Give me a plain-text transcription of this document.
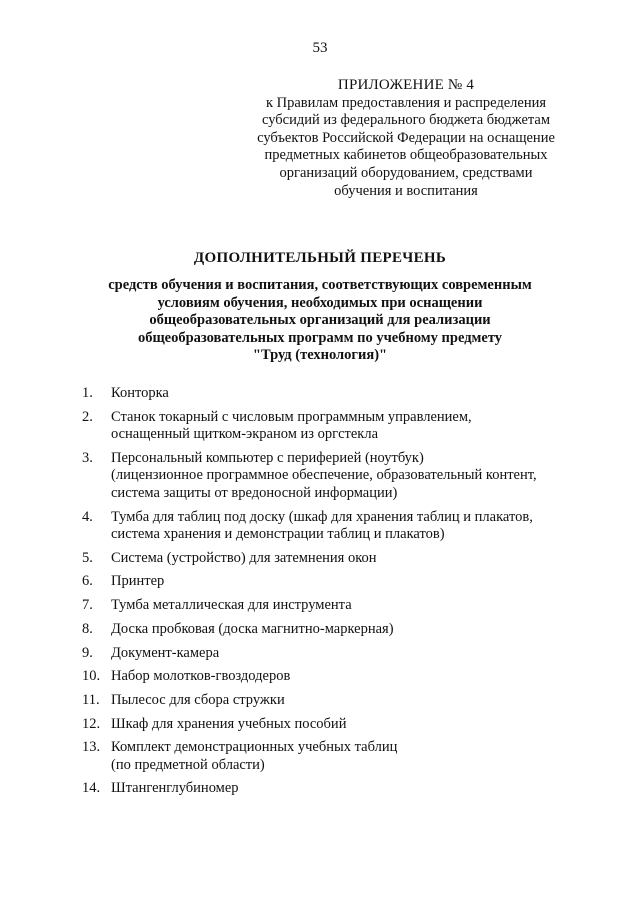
53
ПРИЛОЖЕНИЕ № 4
к Правилам предоставления и распределения
субсидий из федерального бюджета бюджетам
субъектов Российской Федерации на оснащение
предметных кабинетов общеобразовательных
организаций оборудованием, средствами
обучения и воспитания
ДОПОЛНИТЕЛЬНЫЙ ПЕРЕЧЕНЬ
средств обучения и воспитания, соответствующих современным
условиям обучения, необходимых при оснащении
общеобразовательных организаций для реализации
общеобразовательных программ по учебному предмету
"Труд (технология)"
1.	Конторка
2.	Станок токарный с числовым программным управлением,
оснащенный щитком-экраном из оргстекла
3.	Персональный компьютер с периферией (ноутбук)
(лицензионное программное обеспечение, образовательный контент,
система защиты от вредоносной информации)
4.	Тумба для таблиц под доску (шкаф для хранения таблиц и плакатов,
система хранения и демонстрации таблиц и плакатов)
5.	Система (устройство) для затемнения окон
6.	Принтер
7.	Тумба металлическая для инструмента
8.	Доска пробковая (доска магнитно-маркерная)
9.	Документ-камера
10. Набор молотков-гвоздодеров
11. Пылесос для сбора стружки
12. Шкаф для хранения учебных пособий
13. Комплект демонстрационных учебных таблиц
(по предметной области)
14. Штангенглубиномер
